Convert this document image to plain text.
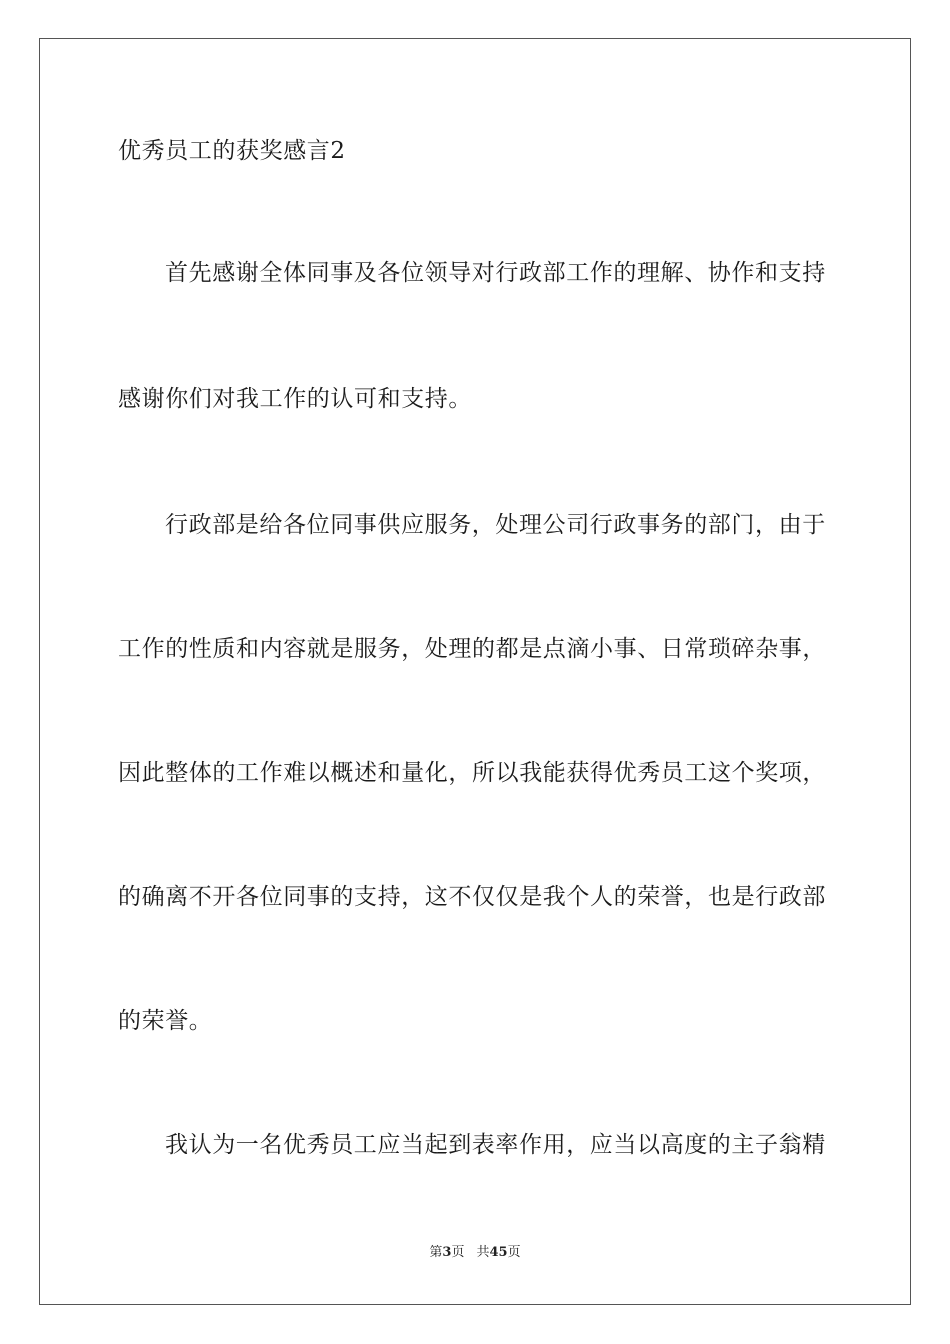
优秀员工的获奖感言2
首先感谢全体同事及各位领导对行政部工作的理解、协作和支持
感谢你们对我工作的认可和支持。
行政部是给各位同事供应服务，处理公司行政事务的部门，由于
工作的性质和内容就是服务，处理的都是点滴小事、日常琐碎杂事，
因此整体的工作难以概述和量化，所以我能获得优秀员工这个奖项，
的确离不开各位同事的支持，这不仅仅是我个人的荣誉，也是行政部
的荣誉。
我认为一名优秀员工应当起到表率作用，应当以高度的主子翁精
第3页 共45页
